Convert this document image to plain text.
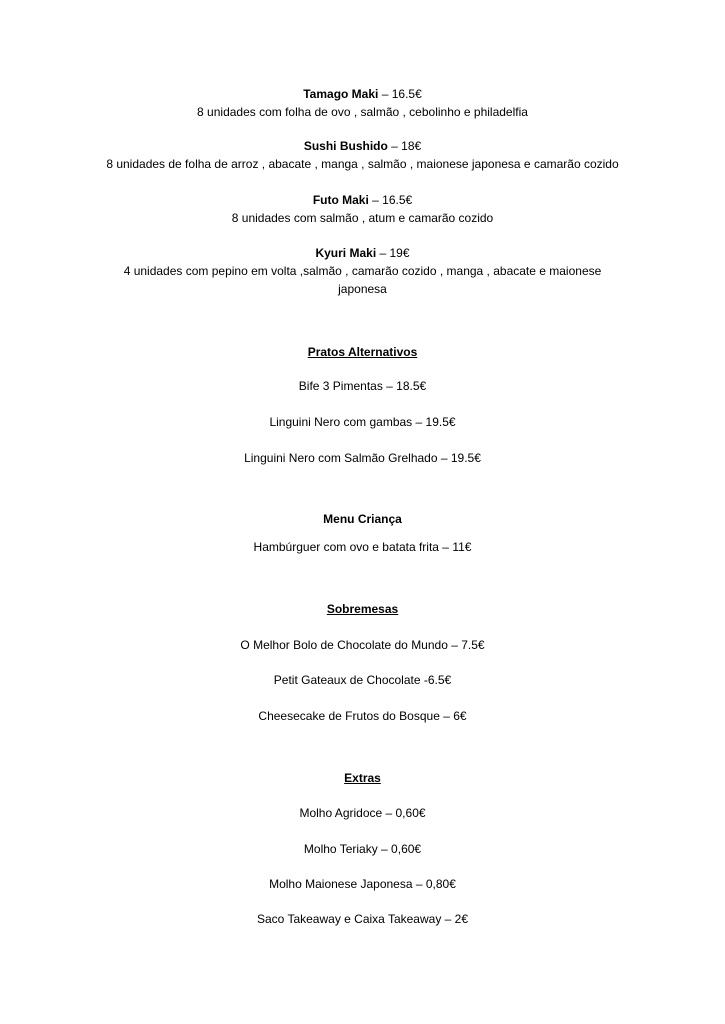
Tamago Maki – 16.5€
8 unidades com folha de ovo , salmão , cebolinho e philadelfia
Sushi Bushido – 18€
8 unidades de folha de arroz , abacate , manga , salmão , maionese japonesa e camarão cozido
Futo Maki – 16.5€
8 unidades com salmão , atum e camarão cozido
Kyuri Maki – 19€
4 unidades com pepino em volta ,salmão , camarão cozido , manga , abacate e maionese
japonesa
Pratos Alternativos
Bife 3 Pimentas – 18.5€
Linguini Nero com gambas – 19.5€
Linguini Nero com Salmão Grelhado – 19.5€
Menu Criança
Hambúrguer com ovo e batata frita – 11€
Sobremesas
O Melhor Bolo de Chocolate do Mundo – 7.5€
Petit Gateaux de Chocolate -6.5€
Cheesecake de Frutos do Bosque – 6€
Extras
Molho Agridoce – 0,60€
Molho Teriaky – 0,60€
Molho Maionese Japonesa – 0,80€
Saco Takeaway e Caixa Takeaway – 2€
